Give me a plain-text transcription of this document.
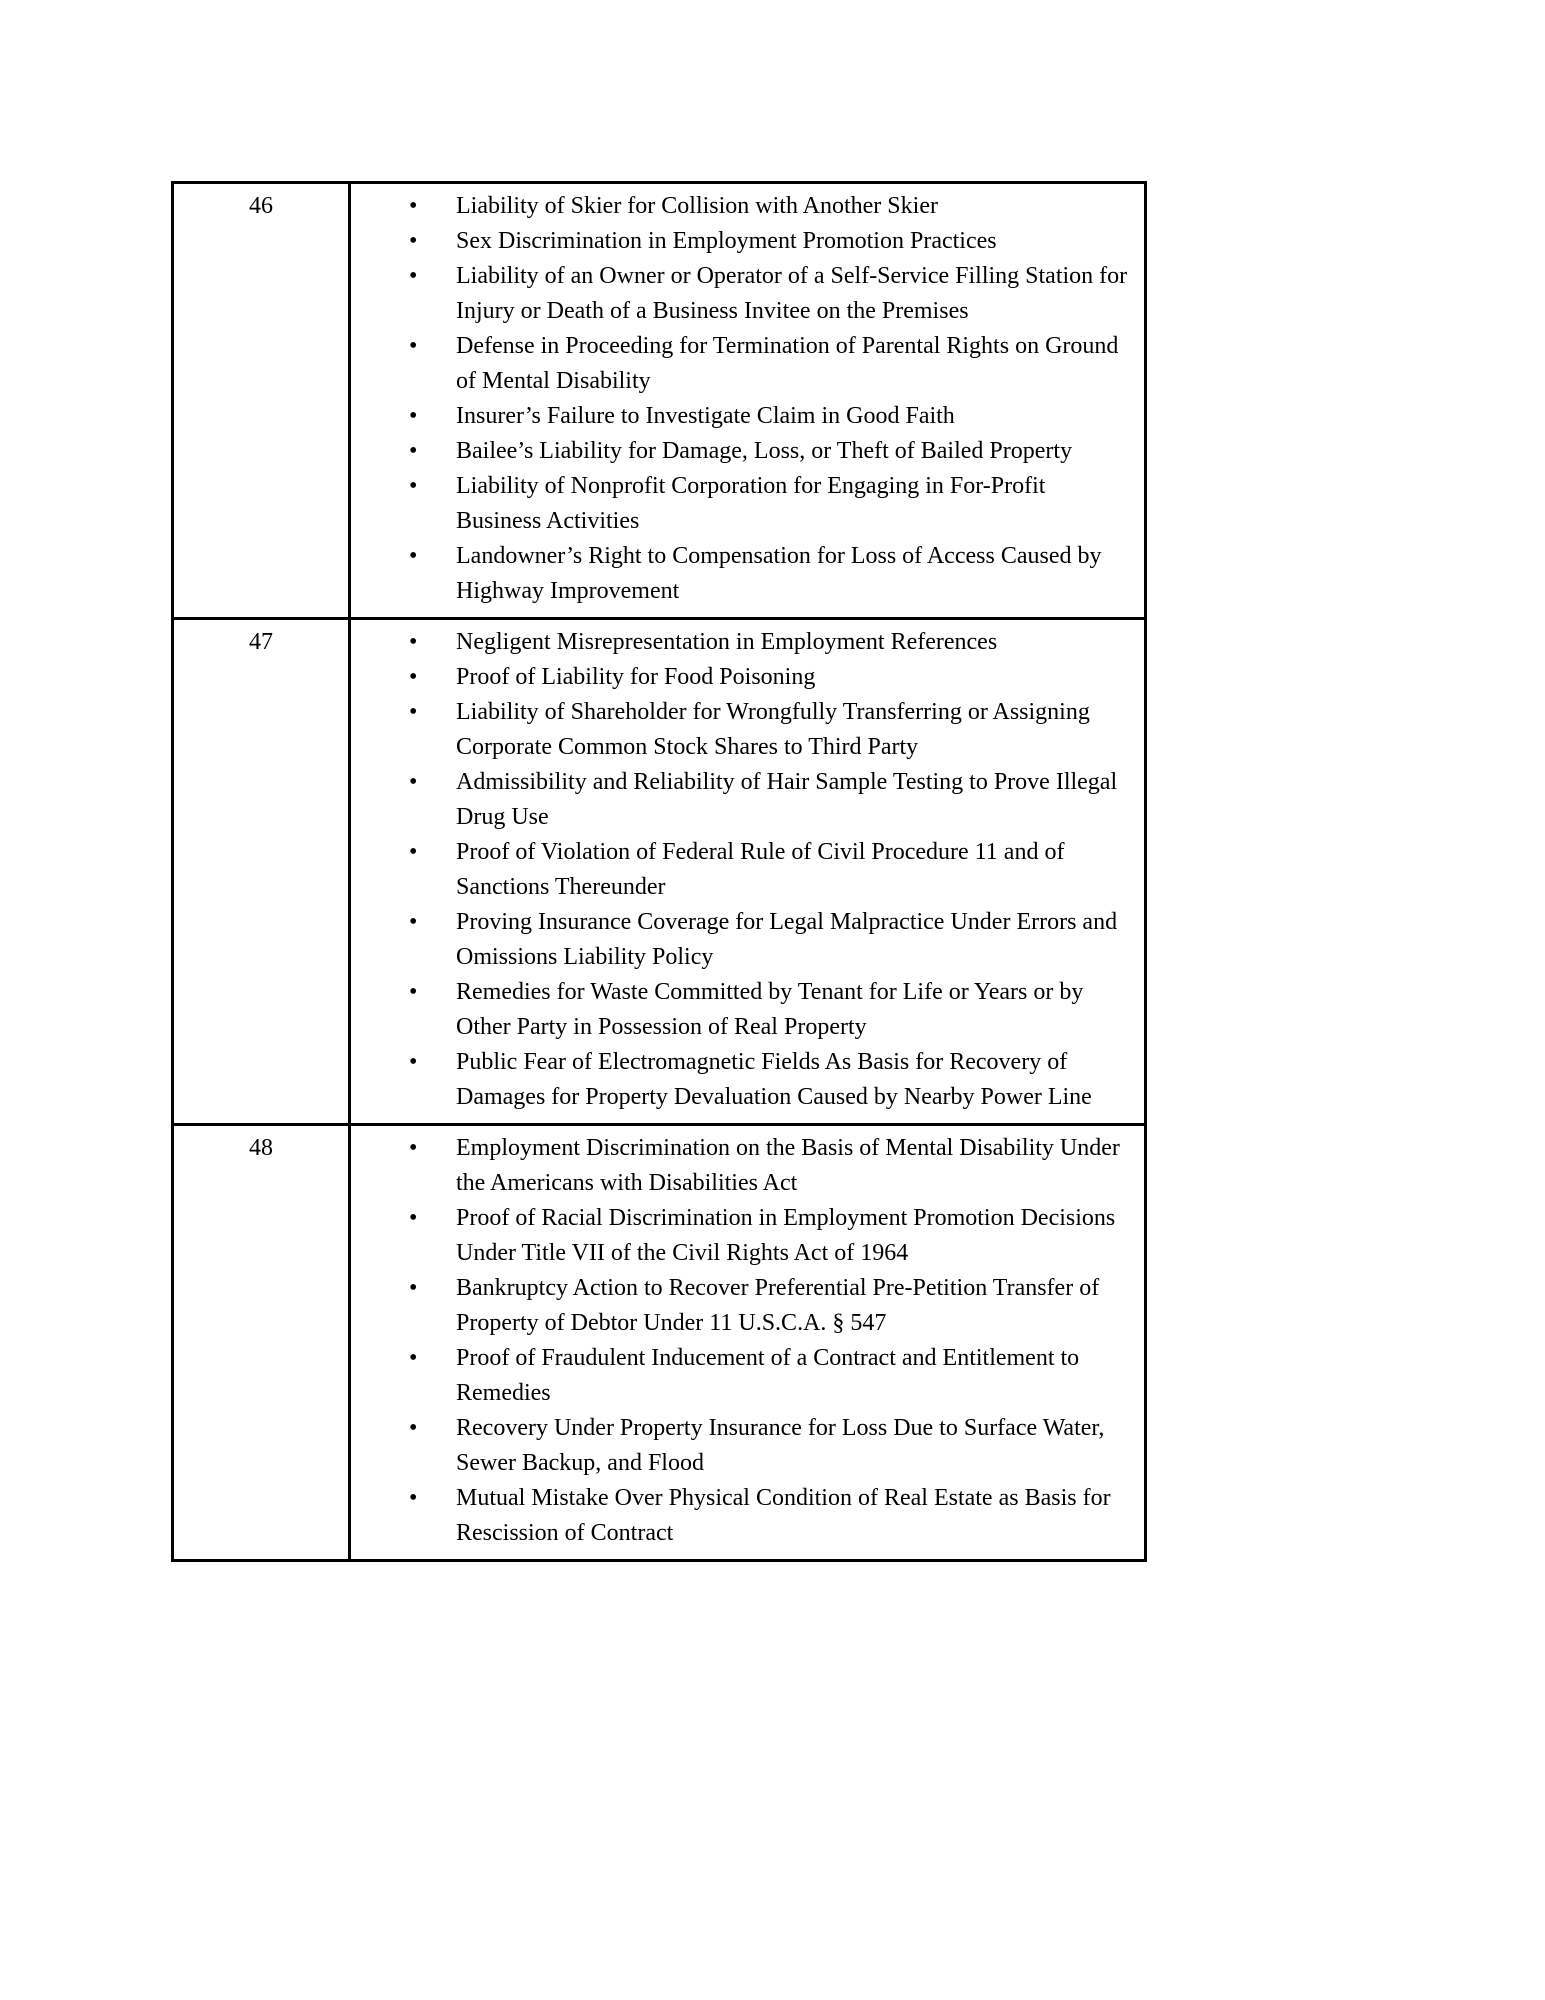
46	
•Liability of Skier for Collision with Another Skier
• Sex Discrimination in Employment Promotion Practices
• Liability of an Owner or Operator of a Self-Service Filling Station for Injury or Death of a Business Invitee on the Premises
• Defense in Proceeding for Termination of Parental Rights on Ground of Mental Disability
• Insurer’s Failure to Investigate Claim in Good Faith
• Bailee’s Liability for Damage, Loss, or Theft of Bailed Property
• Liability of Nonprofit Corporation for Engaging in For-Profit Business Activities
• Landowner’s Right to Compensation for Loss of Access Caused by Highway Improvement

47	
•Negligent Misrepresentation in Employment References
• Proof of Liability for Food Poisoning
• Liability of Shareholder for Wrongfully Transferring or Assigning Corporate Common Stock Shares to Third Party
• Admissibility and Reliability of Hair Sample Testing to Prove Illegal Drug Use
• Proof of Violation of Federal Rule of Civil Procedure 11 and of Sanctions Thereunder
• Proving Insurance Coverage for Legal Malpractice Under Errors and Omissions Liability Policy
• Remedies for Waste Committed by Tenant for Life or Years or by Other Party in Possession of Real Property
• Public Fear of Electromagnetic Fields As Basis for Recovery of Damages for Property Devaluation Caused by Nearby Power Line

48	
•Employment Discrimination on the Basis of Mental Disability Under the Americans with Disabilities Act
• Proof of Racial Discrimination in Employment Promotion Decisions Under Title VII of the Civil Rights Act of 1964
• Bankruptcy Action to Recover Preferential Pre-Petition Transfer of Property of Debtor Under 11 U.S.C.A. § 547
• Proof of Fraudulent Inducement of a Contract and Entitlement to Remedies
• Recovery Under Property Insurance for Loss Due to Surface Water, Sewer Backup, and Flood
• Mutual Mistake Over Physical Condition of Real Estate as Basis for Rescission of Contract
